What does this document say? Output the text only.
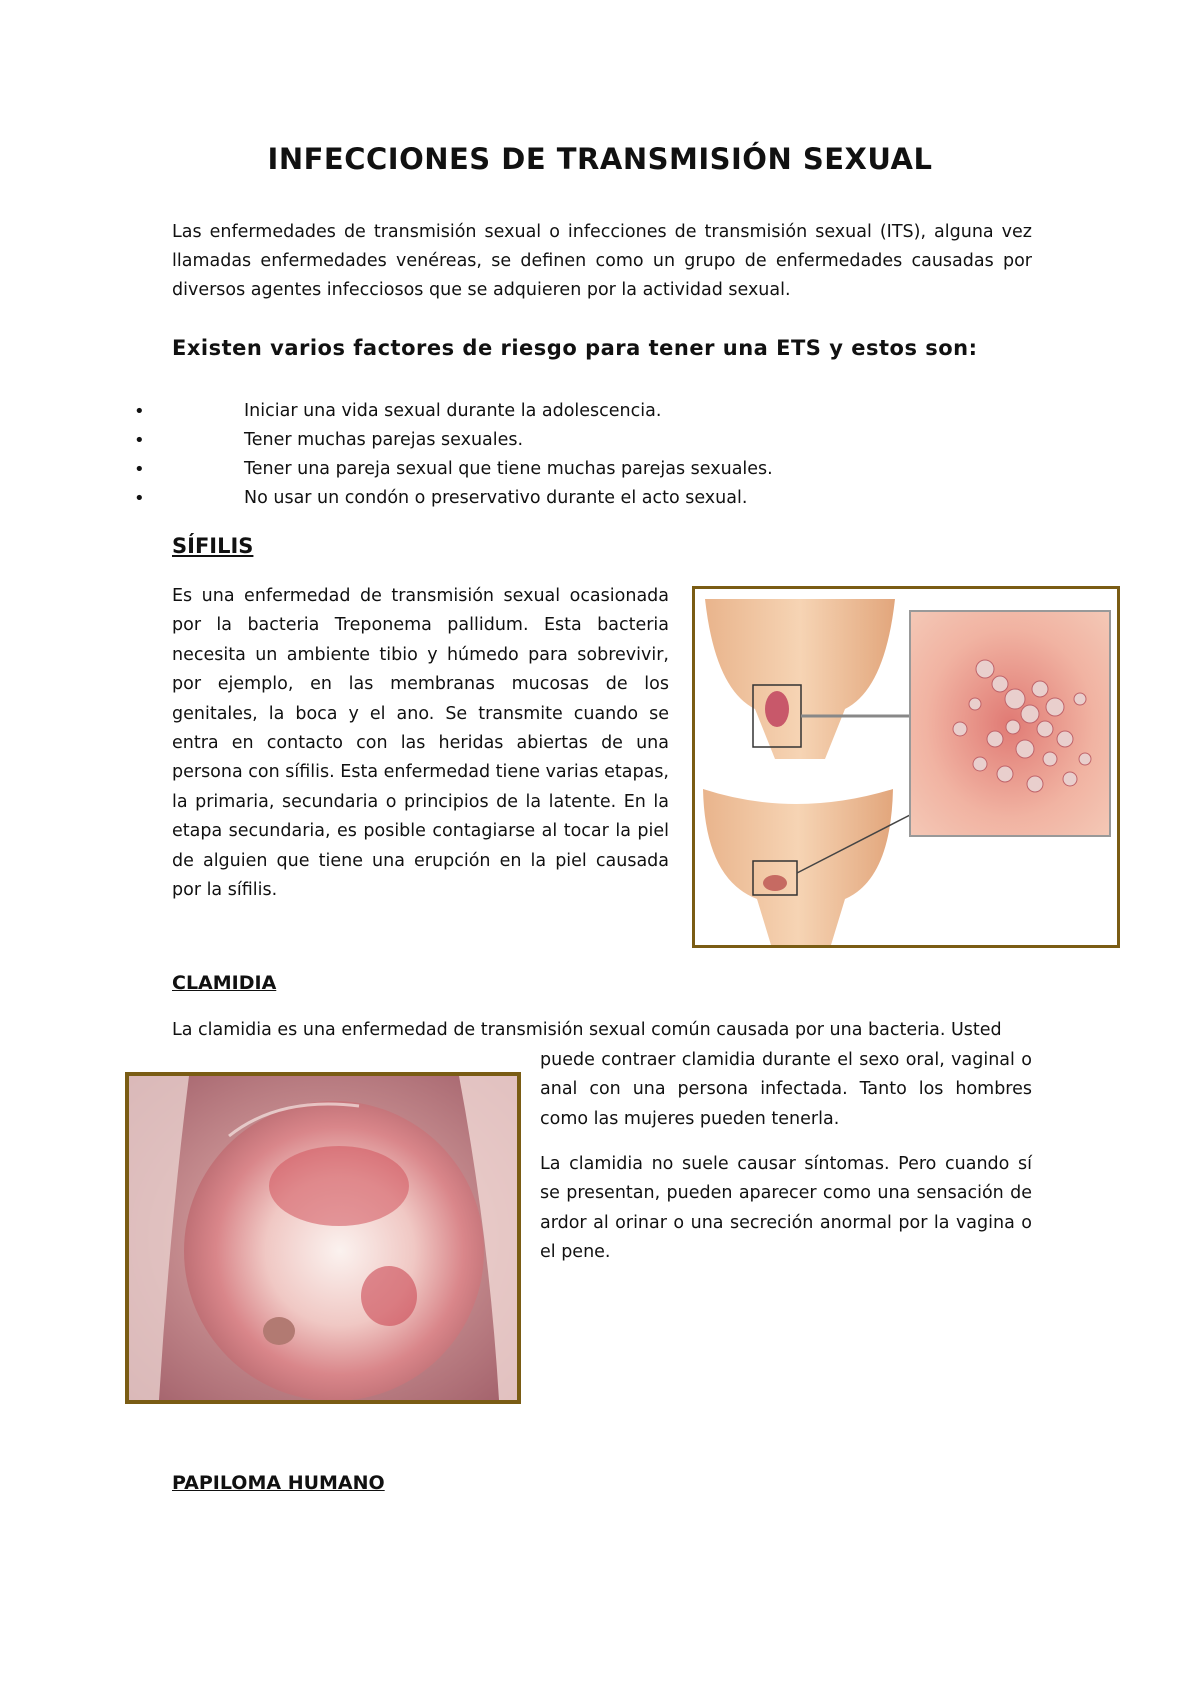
INFECCIONES DE TRANSMISIÓN SEXUAL

Las enfermedades de transmisión sexual o infecciones de transmisión sexual (ITS), alguna vez llamadas enfermedades venéreas, se definen como un grupo de enfermedades causadas por diversos agentes infecciosos que se adquieren por la actividad sexual.

Existen varios factores de riesgo para tener una ETS y estos son:
•	Iniciar una vida sexual durante la adolescencia.
•	Tener muchas parejas sexuales.
•	Tener una pareja sexual que tiene muchas parejas sexuales.
•	No usar un condón o preservativo durante el acto sexual.
SÍFILIS

Es una enfermedad de transmisión sexual ocasionada por la bacteria Treponema pallidum. Esta bacteria necesita un ambiente tibio y húmedo para sobrevivir, por ejemplo, en las membranas mucosas de los genitales, la boca y el ano. Se transmite cuando se entra en contacto con las heridas abiertas de una persona con sífilis. Esta enfermedad tiene varias etapas, la primaria, secundaria o principios de la latente. En la etapa secundaria, es posible contagiarse al tocar la piel de alguien que tiene una erupción en la piel causada por la sífilis.

CLAMIDIA

La clamidia es una enfermedad de transmisión sexual común causada por una bacteria. Usted

puede contraer clamidia durante el sexo oral, vaginal o anal con una persona infectada. Tanto los hombres como las mujeres pueden tenerla.

La clamidia no suele causar síntomas. Pero cuando sí se presentan, pueden aparecer como una sensación de ardor al orinar o una secreción anormal por la vagina o el pene.

PAPILOMA HUMANO
